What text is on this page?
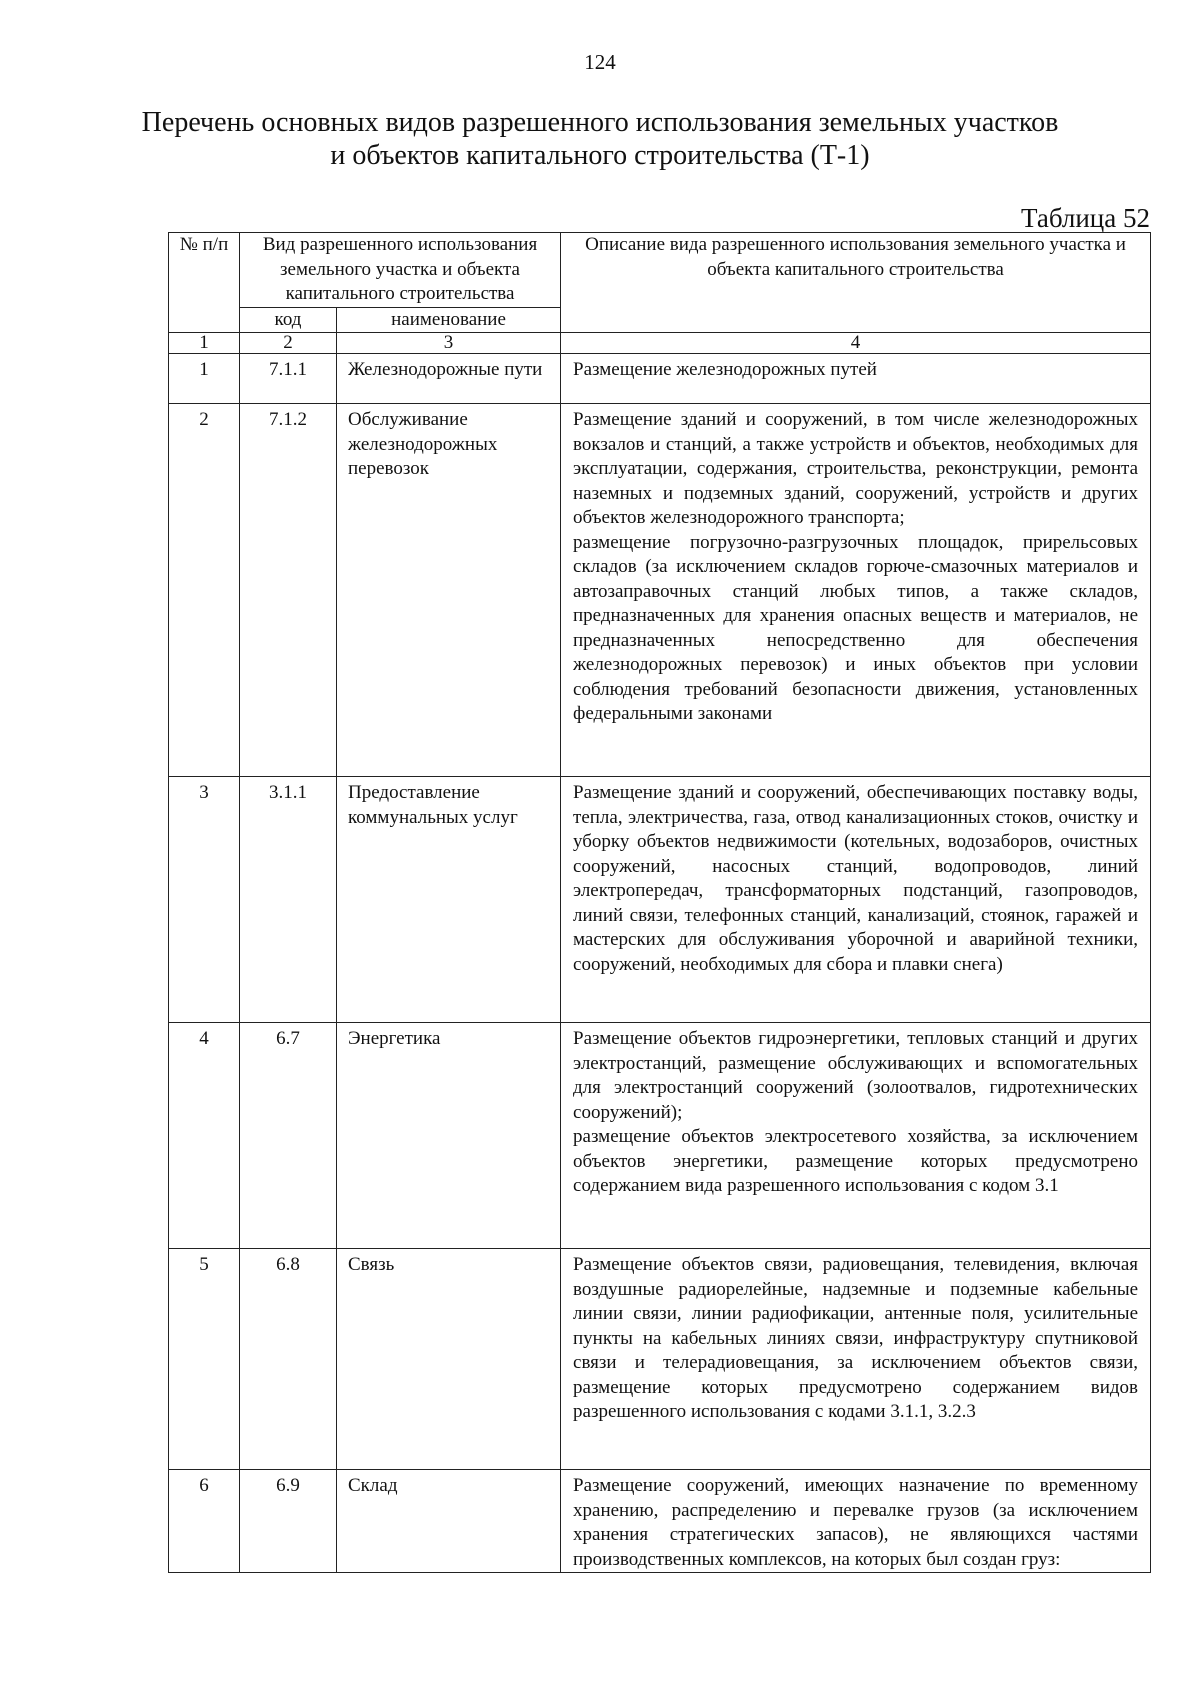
124
Перечень основных видов разрешенного использования земельных участков
и объектов капитального строительства (Т-1)
Таблица 52
№ п/п	Вид разрешенного использования земельного участка и объекта капитального строительства		Описание вида разрешенного использования земельного участка и объекта капитального строительства
	код	наименование	
1	2	3	4
1	7.1.1	Железнодорожные пути	Размещение железнодорожных путей

2	7.1.2	Обслуживание железнодорожных перевозок	Размещение зданий и сооружений, в том числе железнодорожных вокзалов и станций, а также устройств и объектов, необходимых для эксплуатации, содержания, строительства, реконструкции, ремонта наземных и подземных зданий, сооружений, устройств и других объектов железнодорожного транспорта;

размещение погрузочно-разгрузочных площадок, прирельсовых складов (за исключением складов горюче-смазочных материалов и автозаправочных станций любых типов, а также складов, предназначенных для хранения опасных веществ и материалов, не предназначенных непосредственно для обеспечения железнодорожных перевозок) и иных объектов при условии соблюдения требований безопасности движения, установленных федеральными законами

3	3.1.1	Предоставление коммунальных услуг	Размещение зданий и сооружений, обеспечивающих поставку воды, тепла, электричества, газа, отвод канализационных стоков, очистку и уборку объектов недвижимости (котельных, водозаборов, очистных сооружений, насосных станций, водопроводов, линий электропередач, трансформаторных подстанций, газопроводов, линий связи, телефонных станций, канализаций, стоянок, гаражей и мастерских для обслуживания уборочной и аварийной техники, сооружений, необходимых для сбора и плавки снега)

4	6.7	Энергетика	Размещение объектов гидроэнергетики, тепловых станций и других электростанций, размещение обслуживающих и вспомогательных для электростанций сооружений (золоотвалов, гидротехнических сооружений);

размещение объектов электросетевого хозяйства, за исключением объектов энергетики, размещение которых предусмотрено содержанием вида разрешенного использования с кодом 3.1

5	6.8	Связь	Размещение объектов связи, радиовещания, телевидения, включая воздушные радиорелейные, надземные и подземные кабельные линии связи, линии радиофикации, антенные поля, усилительные пункты на кабельных линиях связи, инфраструктуру спутниковой связи и телерадиовещания, за исключением объектов связи, размещение которых предусмотрено содержанием видов разрешенного использования с кодами 3.1.1, 3.2.3

6	6.9	Склад	Размещение сооружений, имеющих назначение по временному хранению, распределению и перевалке грузов (за исключением хранения стратегических запасов), не являющихся частями производственных комплексов, на которых был создан груз:
